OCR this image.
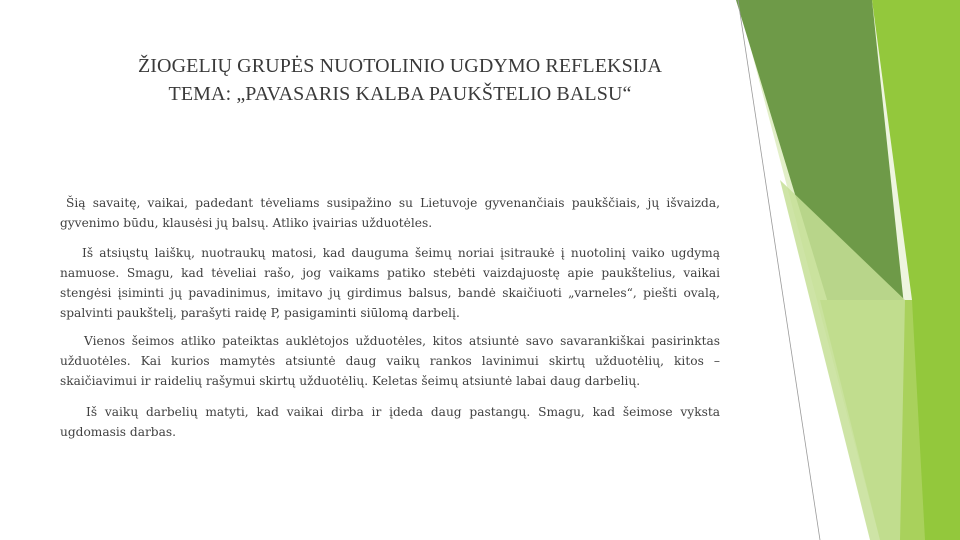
ŽIOGELIŲ GRUPĖS NUOTOLINIO UGDYMO REFLEKSIJA
TEMA: „PAVASARIS KALBA PAUKŠTELIO BALSU“

Šią savaitę, vaikai, padedant tėveliams susipažino su Lietuvoje gyvenančiais paukščiais, jų išvaizda, gyvenimo būdu, klausėsi jų balsų. Atliko įvairias užduotėles.

Iš atsiųstų laiškų, nuotraukų matosi, kad dauguma šeimų noriai įsitraukė į nuotolinį vaiko ugdymą namuose. Smagu, kad tėveliai rašo, jog vaikams patiko stebėti vaizdajuostę apie paukštelius, vaikai stengėsi įsiminti jų pavadinimus, imitavo jų girdimus balsus, bandė skaičiuoti „varneles“, piešti ovalą, spalvinti paukštelį, parašyti raidę P, pasigaminti siūlomą darbelį.

Vienos šeimos atliko pateiktas auklėtojos užduotėles, kitos atsiuntė savo savarankiškai pasirinktas užduotėles. Kai kurios mamytės atsiuntė daug vaikų rankos lavinimui skirtų užduotėlių, kitos – skaičiavimui ir raidelių rašymui skirtų užduotėlių. Keletas šeimų atsiuntė labai daug darbelių.

Iš vaikų darbelių matyti, kad vaikai dirba ir įdeda daug pastangų. Smagu, kad šeimose vyksta ugdomasis darbas.
